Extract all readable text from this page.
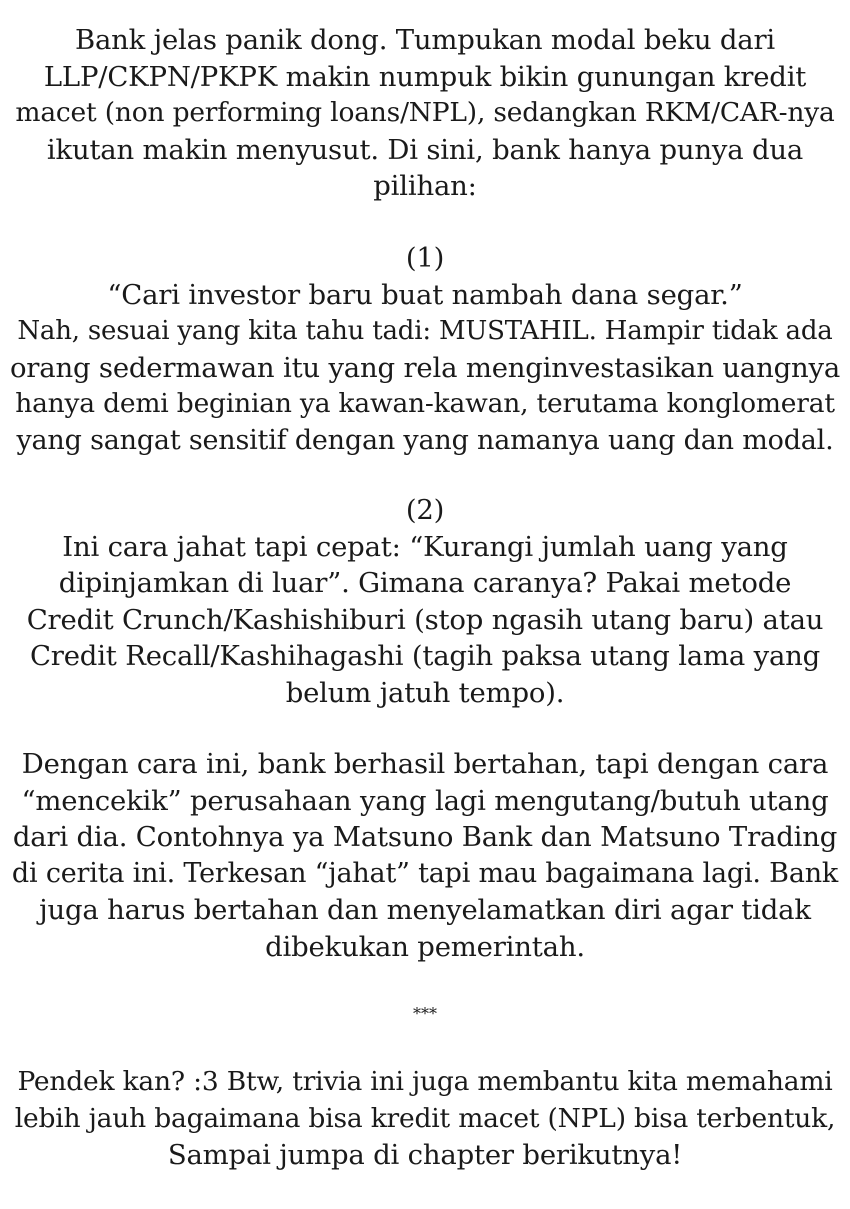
Bank jelas panik dong. Tumpukan modal beku dari
LLP/CKPN/PKPK makin numpuk bikin gunungan kredit
macet (non performing loans/NPL), sedangkan RKM/CAR-nya
ikutan makin menyusut. Di sini, bank hanya punya dua
pilihan:
(1)
“Cari investor baru buat nambah dana segar.”
Nah, sesuai yang kita tahu tadi: MUSTAHIL. Hampir tidak ada
orang sedermawan itu yang rela menginvestasikan uangnya
hanya demi beginian ya kawan-kawan, terutama konglomerat
yang sangat sensitif dengan yang namanya uang dan modal.
(2)
Ini cara jahat tapi cepat: “Kurangi jumlah uang yang
dipinjamkan di luar”. Gimana caranya? Pakai metode
Credit Crunch/Kashishiburi (stop ngasih utang baru) atau
Credit Recall/Kashihagashi (tagih paksa utang lama yang
belum jatuh tempo).
Dengan cara ini, bank berhasil bertahan, tapi dengan cara
“mencekik” perusahaan yang lagi mengutang/butuh utang
dari dia. Contohnya ya Matsuno Bank dan Matsuno Trading
di cerita ini. Terkesan “jahat” tapi mau bagaimana lagi. Bank
juga harus bertahan dan menyelamatkan diri agar tidak
dibekukan pemerintah.
***
Pendek kan? :3 Btw, trivia ini juga membantu kita memahami
lebih jauh bagaimana bisa kredit macet (NPL) bisa terbentuk,
Sampai jumpa di chapter berikutnya!
